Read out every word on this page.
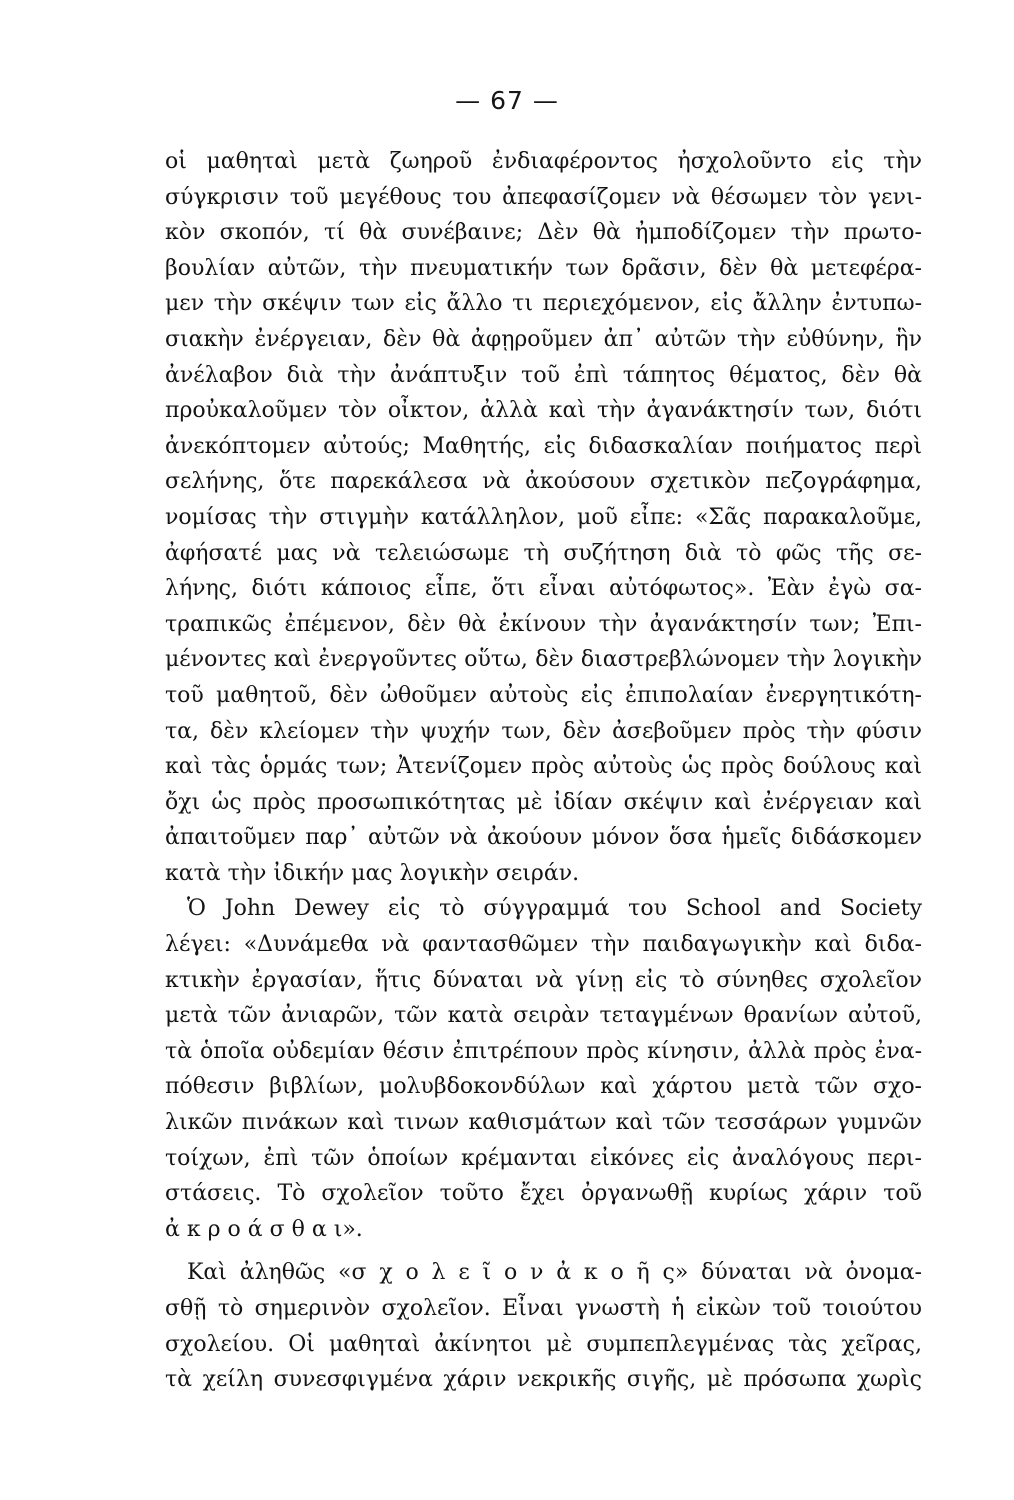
— 67 —
οἱ μαθηταὶ μετὰ ζωηροῦ ἐνδιαφέροντος ἠσχολοῦντο εἰς τὴν
σύγκρισιν τοῦ μεγέθους του ἀπεφασίζομεν νὰ θέσωμεν τὸν γενι-
κὸν σκοπόν, τί θὰ συνέβαινε; Δὲν θὰ ἠμποδίζομεν τὴν πρωτο-
βουλίαν αὐτῶν, τὴν πνευματικήν των δρᾶσιν, δὲν θὰ μετεφέρα-
μεν τὴν σκέψιν των εἰς ἄλλο τι περιεχόμενον, εἰς ἄλλην ἐντυπω-
σιακὴν ἐνέργειαν, δὲν θὰ ἀφῃροῦμεν ἀπ᾽ αὐτῶν τὴν εὐθύνην, ἣν
ἀνέλαβον διὰ τὴν ἀνάπτυξιν τοῦ ἐπὶ τάπητος θέματος, δὲν θὰ
προὐκαλοῦμεν τὸν οἶκτον, ἀλλὰ καὶ τὴν ἀγανάκτησίν των, διότι
ἀνεκόπτομεν αὐτούς; Μαθητής, εἰς διδασκαλίαν ποιήματος περὶ
σελήνης, ὅτε παρεκάλεσα νὰ ἀκούσουν σχετικὸν πεζογράφημα,
νομίσας τὴν στιγμὴν κατάλληλον, μοῦ εἶπε: «Σᾶς παρακαλοῦμε,
ἀφήσατέ μας νὰ τελειώσωμε τὴ συζήτηση διὰ τὸ φῶς τῆς σε-
λήνης, διότι κάποιος εἶπε, ὅτι εἶναι αὐτόφωτος». Ἐὰν ἐγὼ σα-
τραπικῶς ἐπέμενον, δὲν θὰ ἐκίνουν τὴν ἀγανάκτησίν των; Ἐπι-
μένοντες καὶ ἐνεργοῦντες οὕτω, δὲν διαστρεβλώνομεν τὴν λογικὴν
τοῦ μαθητοῦ, δὲν ὠθοῦμεν αὐτοὺς εἰς ἐπιπολαίαν ἐνεργητικότη-
τα, δὲν κλείομεν τὴν ψυχήν των, δὲν ἀσεβοῦμεν πρὸς τὴν φύσιν
καὶ τὰς ὁρμάς των; Ἀτενίζομεν πρὸς αὐτοὺς ὡς πρὸς δούλους καὶ
ὄχι ὡς πρὸς προσωπικότητας μὲ ἰδίαν σκέψιν καὶ ἐνέργειαν καὶ
ἀπαιτοῦμεν παρ᾽ αὐτῶν νὰ ἀκούουν μόνον ὅσα ἡμεῖς διδάσκομεν
κατὰ τὴν ἰδικήν μας λογικὴν σειράν.
Ὁ John Dewey εἰς τὸ σύγγραμμά του School and Society
λέγει: «Δυνάμεθα νὰ φαντασθῶμεν τὴν παιδαγωγικὴν καὶ διδα-
κτικὴν ἐργασίαν, ἥτις δύναται νὰ γίνῃ εἰς τὸ σύνηθες σχολεῖον
μετὰ τῶν ἀνιαρῶν, τῶν κατὰ σειρὰν τεταγμένων θρανίων αὐτοῦ,
τὰ ὁποῖα οὐδεμίαν θέσιν ἐπιτρέπουν πρὸς κίνησιν, ἀλλὰ πρὸς ἐνα-
πόθεσιν βιβλίων, μολυβδοκονδύλων καὶ χάρτου μετὰ τῶν σχο-
λικῶν πινάκων καὶ τινων καθισμάτων καὶ τῶν τεσσάρων γυμνῶν
τοίχων, ἐπὶ τῶν ὁποίων κρέμανται εἰκόνες εἰς ἀναλόγους περι-
στάσεις. Τὸ σχολεῖον τοῦτο ἔχει ὀργανωθῇ κυρίως χάριν τοῦ
ἀ κ ρ ο ά σ θ α ι».
Καὶ ἀληθῶς «σ χ ο λ ε ῖ ο ν ἀ κ ο ῆ ς» δύναται νὰ ὀνομα-
σθῇ τὸ σημερινὸν σχολεῖον. Εἶναι γνωστὴ ἡ εἰκὼν τοῦ τοιούτου
σχολείου. Οἱ μαθηταὶ ἀκίνητοι μὲ συμπεπλεγμένας τὰς χεῖρας,
τὰ χείλη συνεσφιγμένα χάριν νεκρικῆς σιγῆς, μὲ πρόσωπα χωρὶς
